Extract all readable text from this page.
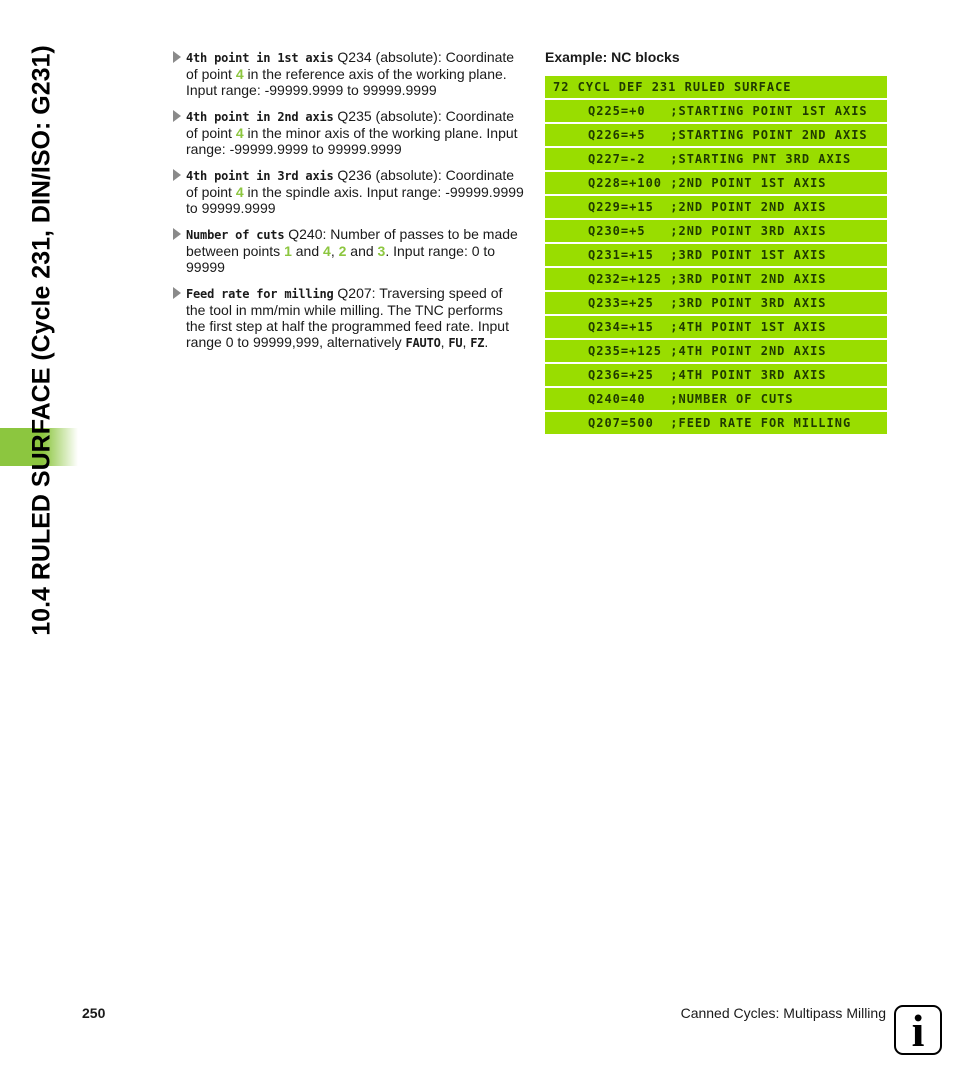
10.4 RULED SURFACE (Cycle 231, DIN/ISO: G231)	4th point in 1st axis Q234 (absolute): Coordinate of point 4 in the reference axis of the working plane. Input range: -99999.9999 to 99999.9999
4th point in 2nd axis Q235 (absolute): Coordinate of point 4 in the minor axis of the working plane. Input range: -99999.9999 to 99999.9999
4th point in 3rd axis Q236 (absolute): Coordinate of point 4 in the spindle axis. Input range: -99999.9999 to 99999.9999
Number of cuts Q240: Number of passes to be made between points 1 and 4, 2 and 3. Input range: 0 to 99999
Feed rate for milling Q207: Traversing speed of the tool in mm/min while milling. The TNC performs the first step at half the programmed feed rate. Input range 0 to 99999,999, alternatively FAUTO, FU, FZ.
Example: NC blocks
72 CYCL DEF 231 RULED SURFACE
Q225=+0   ;STARTING POINT 1ST AXIS
Q226=+5   ;STARTING POINT 2ND AXIS
Q227=-2   ;STARTING PNT 3RD AXIS
Q228=+100 ;2ND POINT 1ST AXIS
Q229=+15  ;2ND POINT 2ND AXIS
Q230=+5   ;2ND POINT 3RD AXIS
Q231=+15  ;3RD POINT 1ST AXIS
Q232=+125 ;3RD POINT 2ND AXIS
Q233=+25  ;3RD POINT 3RD AXIS
Q234=+15  ;4TH POINT 1ST AXIS
Q235=+125 ;4TH POINT 2ND AXIS
Q236=+25  ;4TH POINT 3RD AXIS
Q240=40   ;NUMBER OF CUTS
Q207=500  ;FEED RATE FOR MILLING
250	Canned Cycles: Multipass Milling i
